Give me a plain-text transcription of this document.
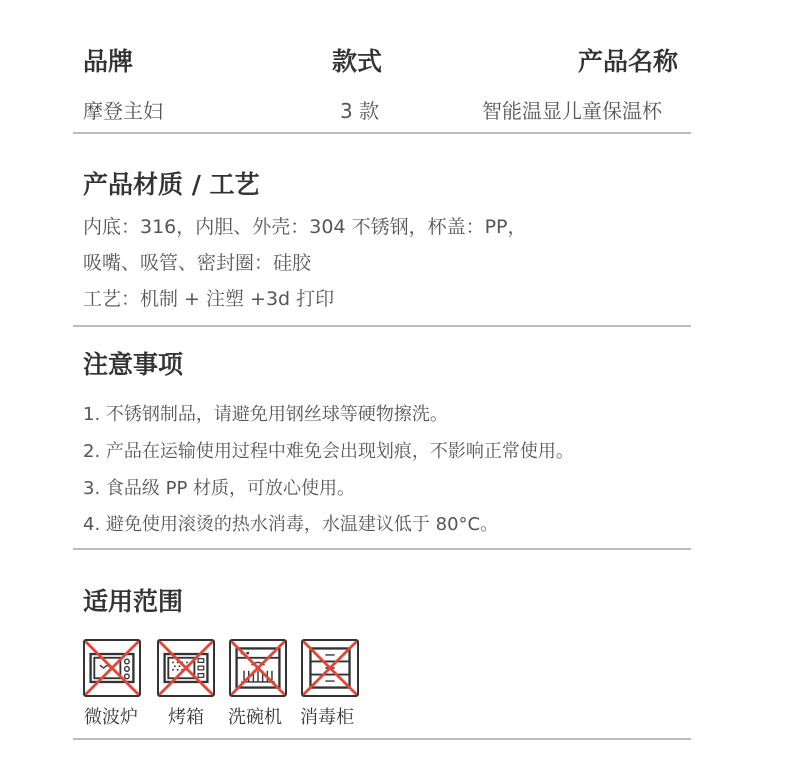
品牌	款式	产品名称
摩登主妇	3 款	智能温显儿童保温杯
产品材质 / 工艺
内底：316，内胆、外壳：304 不锈钢，杯盖：PP，
吸嘴、吸管、密封圈：硅胶
工艺：机制 + 注塑 +3d 打印
注意事项
1. 不锈钢制品，请避免用钢丝球等硬物擦洗。
2. 产品在运输使用过程中难免会出现划痕，不影响正常使用。
3. 食品级 PP 材质，可放心使用。
4. 避免使用滚烫的热水消毒，水温建议低于 80°C。
适用范围
微波炉 烤箱 洗碗机 消毒柜
